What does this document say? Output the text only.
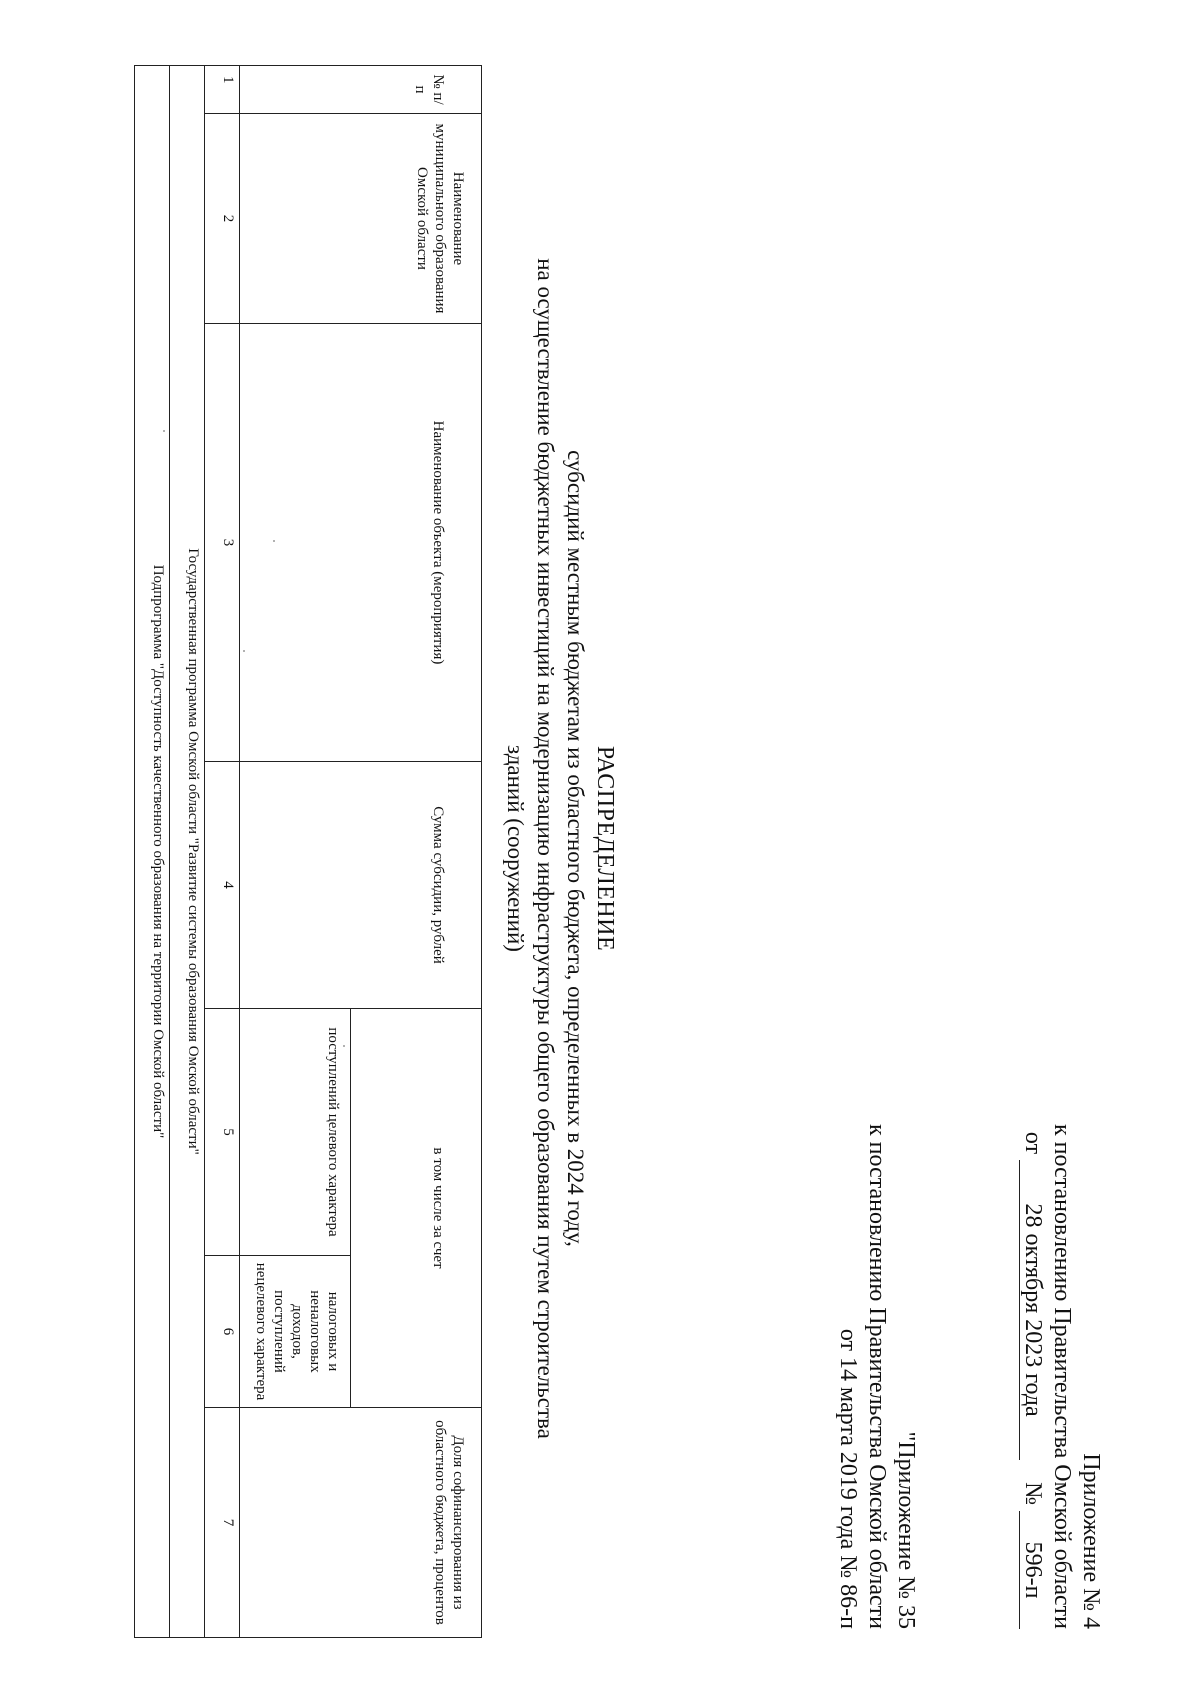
Приложение № 4
к постановлению Правительства Омской области
от 28 октября 2023 года  № 596-п
"Приложение № 35
к постановлению Правительства Омской области
от 14 марта 2019 года № 86-п
РАСПРЕДЕЛЕНИЕ
субсидий местным бюджетам из областного бюджета, определенных в 2024 году,
на осуществление бюджетных инвестиций на модернизацию инфраструктуры общего образования путем строительства
зданий (сооружений)
№ п/п	Наименование муниципального образования Омской области	Наименование объекта (мероприятия)	Сумма субсидии, рублей	в том числе за счет		Доля софинансирования из областного бюджета, процентов
				поступлений целевого характера	налоговых и неналоговых доходов, поступлений нецелевого характера	
1	2	3	4	5	6	7
Государственная программа Омской области "Развитие системы образования Омской области"						
Подпрограмма "Доступность качественного образования на территории Омской области"						
